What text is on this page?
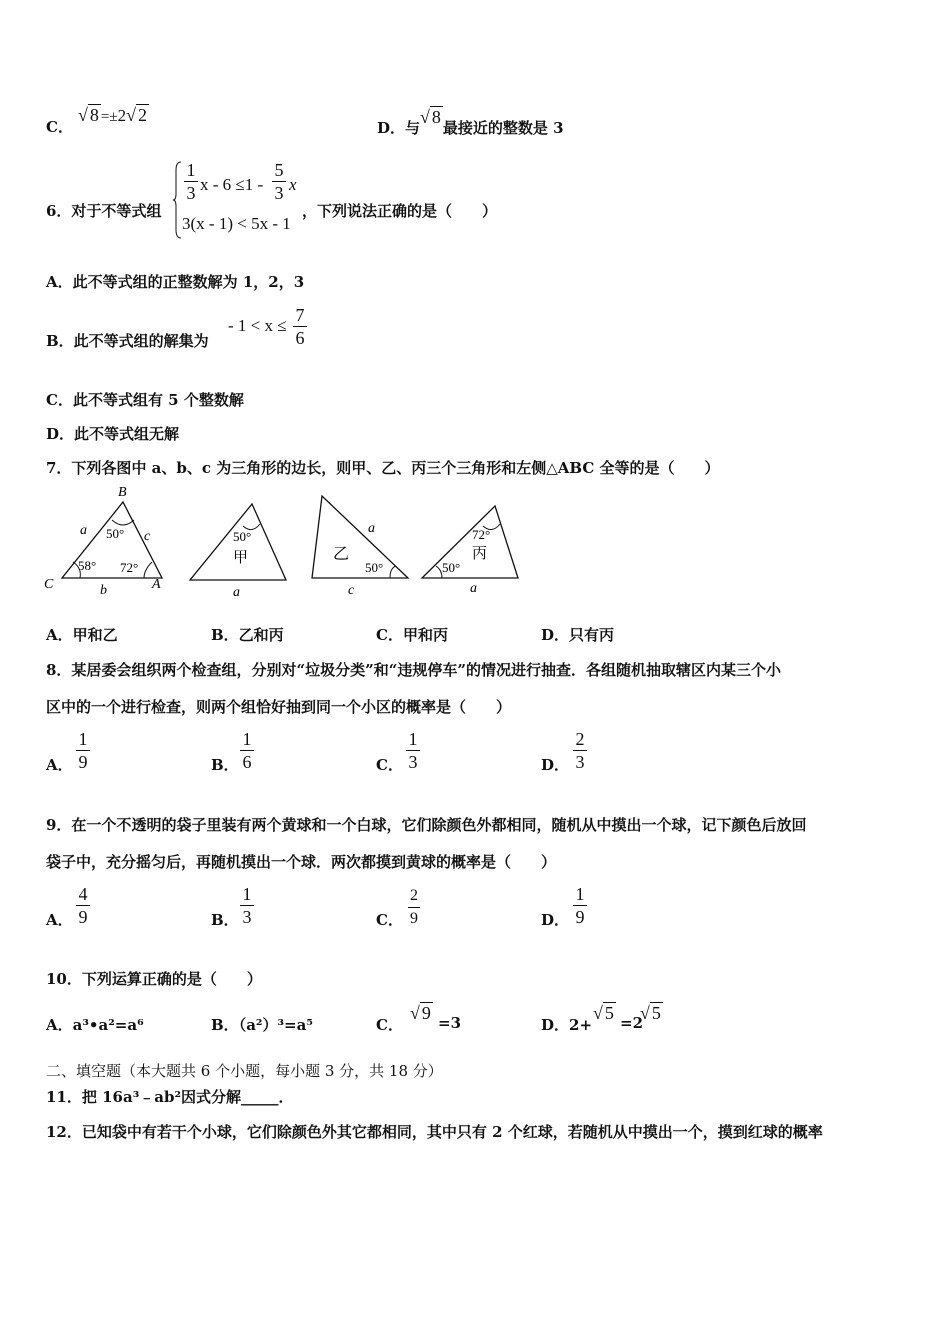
C．
√ 8 =±2√ 2
D．与√ 8最接近的整数是 3
6．对于不等式组
1
3 x - 6 ≤1 -
5
3 x
3(x - 1) < 5x - 1
，下列说法正确的是（　　）
A．此不等式组的正整数解为 1，2，3
B．此不等式组的解集为
- 1 < x ≤
7
6
C．此不等式组有 5 个整数解
D．此不等式组无解
7．下列各图中 a、b、c 为三角形的边长，则甲、乙、丙三个三角形和左侧△ABC 全等的是（　　）
B
C	A
a	c
b
50°
58° 72°
50°
甲
a
乙
50°
a
c
72°
丙
50°
a
A．甲和乙	B．乙和丙	C．甲和丙	D．只有丙
8．某居委会组织两个检查组，分别对“垃圾分类”和“违规停车”的情况进行抽查．各组随机抽取辖区内某三个小
区中的一个进行检查，则两个组恰好抽到同一个小区的概率是（　　）
A．
1
9	B．
1
6	C．
1
3	D．
2
3
9．在一个不透明的袋子里装有两个黄球和一个白球，它们除颜色外都相同，随机从中摸出一个球，记下颜色后放回
袋子中，充分摇匀后，再随机摸出一个球．两次都摸到黄球的概率是（　　）
A．
4
9	B．
1
3	C．
2
9	D．
1
9
10．下列运算正确的是（　　）
A．a³•a²=a⁶	B．（a²）³=a⁵	C．
√ 9 =3	D．2+
√ 5 =2
√ 5
二、填空题（本大题共 6 个小题，每小题 3 分，共 18 分）
11．把 16a³﹣ab²因式分解_____．
12．已知袋中有若干个小球，它们除颜色外其它都相同，其中只有 2 个红球，若随机从中摸出一个，摸到红球的概率
